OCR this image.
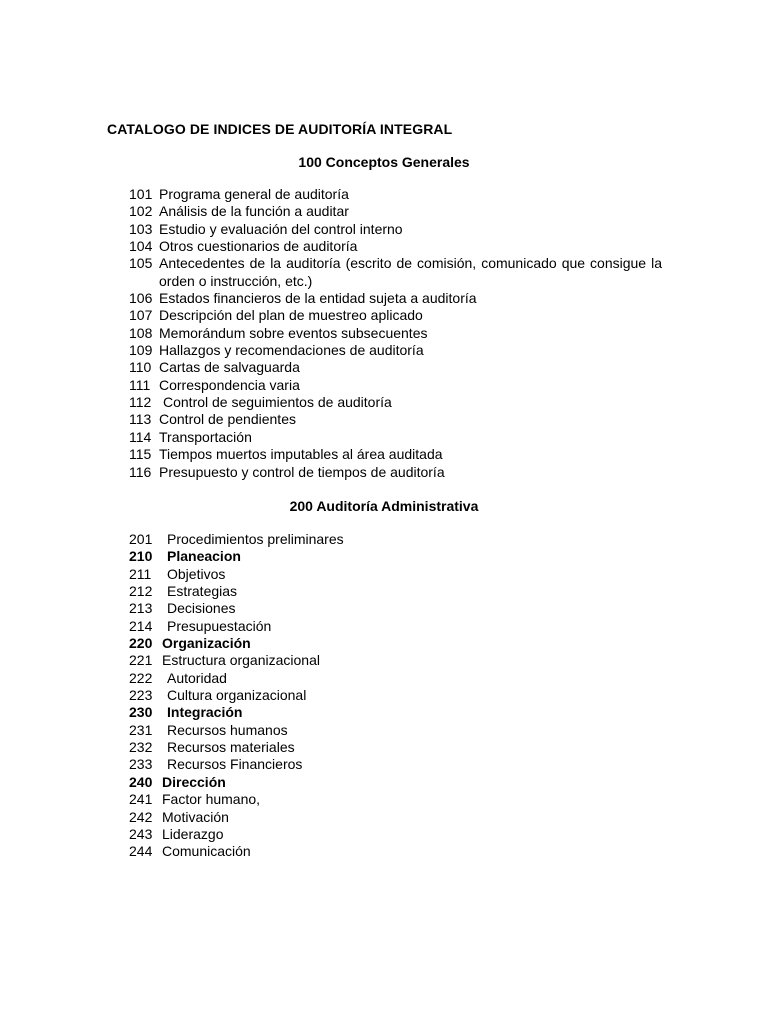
CATALOGO DE INDICES DE AUDITORÍA INTEGRAL
100 Conceptos Generales
101 Programa general de auditoría
102 Análisis de la función a auditar
103 Estudio y evaluación del control interno
104 Otros cuestionarios de auditoría
105 Antecedentes de la auditoría (escrito de comisión, comunicado que consigue la orden o instrucción, etc.)
106 Estados financieros de la entidad sujeta a auditoría
107 Descripción del plan de muestreo aplicado
108 Memorándum sobre eventos subsecuentes
109 Hallazgos y recomendaciones de auditoría
110 Cartas de salvaguarda
111 Correspondencia varia
112 Control de seguimientos de auditoría
113 Control de pendientes
114 Transportación
115 Tiempos muertos imputables al área auditada
116 Presupuesto y control de tiempos de auditoría
200 Auditoría Administrativa
201	Procedimientos preliminares
210	Planeacion
211	Objetivos
212	Estrategias
213	Decisiones
214	Presupuestación
220 Organización
221 Estructura organizacional
222	Autoridad
223	Cultura organizacional
230	Integración
231	Recursos humanos
232	Recursos materiales
233	Recursos Financieros
240 Dirección
241 Factor humano,
242 Motivación
243 Liderazgo
244 Comunicación
